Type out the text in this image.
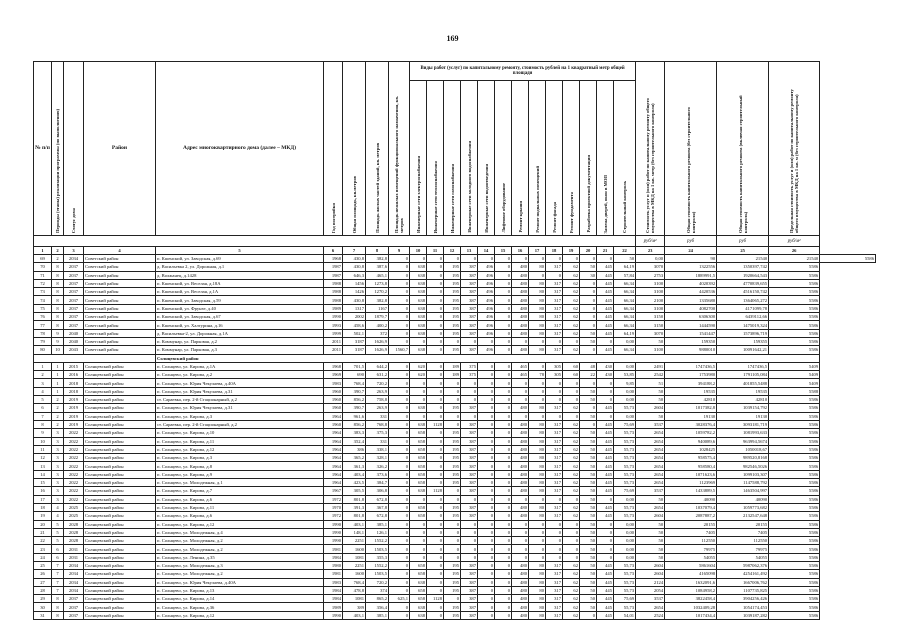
169
№ п/п	Периоды (этапы) реализации программы (по выполнению)	Статус дома	Район	Адрес многоквартирного дома (далее – МКД)	Год постройки	Общая площадь, кв.метров	Площадь жилых частей зданий, кв. метров	Площадь нежилых помещений функционального назначения, кв. метров	Виды работ (услуг) по капитальному ремонту, стоимость рублей на 1 квадратный метр общей площади													Стоимость услуг и (или) работ по капитальному ремонту общего имущества в МКД на 1 кв. метр (без строительного контроля)	Общая стоимость капитального ремонта (без строительного контроля)	Общая стоимость капитального ремонта (включая строительный контроль)	Предельная стоимость услуг и (или) работ по капитальному ремонту общего имущества в МКД на 1 кв. м (без строительного контроля)	

									Инженерные сети электроснабжения	Инженерные сети теплоснабжения	Инженерные сети газоснабжения	Инженерные сети холодного водоснабжения	Инженерные сети водоотведения	Лифтовое оборудование	Ремонт крыши	Ремонт подвальных помещений	Ремонт фасада	Ремонт фундамента	Разработка проектной документации	Замена дверей, окон в МОП	Строительный контроль					

																						руб/м²	руб	руб	руб/м²	
1	2	3	4	5	6	7	8	9	10	11	12	13	14	15	16	17	18	19	20	21	22	23	24	25	26	
69	2	2034	Советский район	п. Кшенский, ул. Заводская, д.69	1968	430,8	382,8	0	0	0	0	0	0	0	0	0	0	0	0	0	50	0,00	90	21540	21540	5586
70	8	2037	Советский район	д. Васильевка 2, ул. Дорожная, д.1	1987	430,8	387,6	0	638	0	195	387	496	0	480	80	317	62	50	445	64,19	3070	1322556	1350397,742	5586	
71	8	2037	Советский район	д. Волжанец, д.1428	1987	646,3	465,1	0	638	0	195	387	496	0	480	0	0	62	30	445	57,84	2753	1889991,5	1920664,543	5586	
72	8	2037	Советский район	п. Кшенский, ул. Веселая, д.18А	1988	1456	1273,8	0	638	0	195	387	496	0	480	80	317	62	0	445	66,34	3100	4020392	4770839,655	5586	
73	8	2037	Советский район	п. Кшенский, ул. Веселая, д.1А	1988	1426	1270,2	0	638	0	195	387	496	0	480	80	317	62	0	445	66,34	3100	4420536	4516150,742	5586	
74	8	2037	Советский район	п. Кшенский, ул. Заводская, д.59	1988	430,8	382,8	0	638	0	195	387	496	0	480	80	317	62	0	445	66,34	2100	1335680	1364065,272	5586	
75	8	2037	Советский район	п. Кшенский, ул. Фрунзе, д.40	1989	1317	1167	0	638	0	195	387	496	0	480	80	317	62	0	445	66,34	3100	4082700	4171099,78	5586	
76	8	2037	Советский район	п. Кшенский, ул. Заводская, д.67	1990	2002	1879,7	0	638	0	195	387	496	0	480	80	317	62	0	445	66,34	3150	6306300	6439112,66	5586	
77	8	2037	Советский район	п. Кшенский, ул. Халтурина, д.16	1993	458,6	400,2	0	638	0	195	387	496	0	480	80	317	62	0	445	66,34	3150	1444590	1475019,324	5586	
78	9	2040	Советский район	д. Васильевка-2, ул. Дорожная, д.1А	1999	502,1	372	0	638	0	195	387	496	0	480	80	317	62	50	445	64,19	3070	1541447	1573896,719	5586	
79	9	2040	Советский район	п. Коммунар, ул. Парковая, д.2	2011	3187	1626,9	0	0	0	0	0	0	0	0	0	0	0	50	0	0,00	50	159350	159355	5586	
80	10	2043	Советский район	п. Коммунар, ул. Парковая, д.3	2011	3187	1626,9	1560,7	638	0	195	387	496	0	480	80	317	62	0	445	66,34	3100	9880010	10091642,21	5586	
				Солнцевский район																						
1	1	2015	Солнцевский район	п. Солнцево, ул. Кирова, д.1А	1968	701,5	644,2	0	620	0	189	375	0	0	465	0	305	60	48	430	0,00	2491	1747436,5	1747436,5	5409	
2	1	2016	Солнцевский район	п. Солнцево, ул. Кирова, д.2	1969	690	631,2	0	620	0	189	375	0	0	465	78	305	60	22	430	53,85	2542	1753980	1791105,084	5409	
3	1	2018	Солнцевский район	п. Солнцево, ул. Юрия Чекулаева, д.40А	1983	768,4	720,2	0	0	0	0	0	0	0	0	0	0	0	0	0	9,85	51	394188,2	401855,5488	5409	
4	1	2018	Солнцевский район	п. Солнцево, ул. Юрия Чекулаева, д.31	1960	390,7	263,9	0	0	0	0	0	0	0	0	0	0	0	50	0	0,00	50	19535	19535	5588	
5	2	2019	Солнцевский район	ст. Сараевка, пер. 2-й Стационарный, д.2	1960	856,2	758,8	0	0	0	0	0	0	0	0	0	0	0	50	0	0,00	50	42810	42810	5586	
6	2	2019	Солнцевский район	п. Солнцево, ул. Юрия Чекулаева, д.31	1960	390,7	263,9	0	638	0	195	387	0	0	480	80	317	62	0	445	55,73	2604	1017382,8	1039154,792	5586	
7	2	2019	Солнцевский район	п. Солнцево, ул. Кирова, д.3	1964	961,6	331	0	0	0	0	0	0	0	0	0	0	0	50	0	0,00	50	19130	19130	5586	
8	2	2019	Солнцевский район	ст. Сараевка, пер. 2-й Стационарный, д.2	1960	856,2	768,8	0	638	1128	0	387	0	0	480	80	317	62	0	445	75,69	3537	3028376,4	3093181,719	5586	
9	3	2022	Солнцевский район	п. Солнцево, ул. Кирова, д.10	1964	383,3	375,3	0	658	0	195	387	0	0	480	80	317	62	50	445	55,73	2654	1059782,2	1081993,633	5586	
10	3	2022	Солнцевский район	п. Солнцево, ул. Кирова, д.11	1964	352,4	331	0	658	0	195	387	0	0	480	80	317	62	50	445	55,73	2654	940089,6	963994,5674	5586	
11	3	2022	Солнцевский район	п. Солнцево, ул. Кирова, д.12	1964	386	338,1	0	658	0	195	387	0	0	480	80	317	62	50	445	55,73	2654	1028425	1050018,67	5586	
12	3	2022	Солнцевский район	п. Солнцево, ул. Кирова, д.3	1964	365,2	328,1	0	658	0	195	387	0	0	480	80	317	62	50	445	55,73	2654	958575,4	989520,8168	5586	
13	3	2022	Солнцевский район	п. Солнцево, ул. Кирова, д.8	1964	361,3	326,2	0	658	0	195	387	0	0	480	80	317	62	50	445	55,73	2654	958580,4	982546,5026	5586	
14	3	2022	Солнцевский район	п. Солнцево, ул. Кирова, д.9	1964	403,4	373,6	0	658	0	195	387	0	0	480	80	317	62	50	445	55,73	2654	1071623,6	1099103,307	5586	
15	3	2022	Солнцевский район	п. Солнцево, ул. Молодежная, д.1	1964	423,5	384,7	0	658	0	195	387	0	0	480	80	317	62	50	445	55,73	2654	1123969	1147588,792	5586	
16	3	2022	Солнцевский район	п. Солнцево, ул. Кирова, д.7	1967	305,5	306,8	0	638	1128	0	387	0	0	480	80	317	62	50	445	75,69	3537	1433889,5	1463504,997	5586	
17	3	2022	Солнцевский район	п. Солнцево, ул. Кирова, д.6	1972	801,8	672,8	0	0	0	0	0	0	0	0	0	0	0	50	0	0,00	50	40090	40090	5586	
18	4	2025	Солнцевский район	п. Солнцево, ул. Кирова, д.11	1970	391,3	367,8	0	658	0	195	387	0	0	480	80	317	62	50	445	55,73	2654	1037079,4	1059773,682	5586	
19	4	2025	Солнцевский район	п. Солнцево, ул. Кирова, д.6	1972	801,8	672,8	0	658	0	195	387	0	0	480	80	317	62	50	445	55,73	2604	2087887,2	2132547,648	5586	
20	5	2028	Солнцевский район	п. Солнцево, ул. Кирова, д.12	1990	403,1	385,1	0	0	0	0	0	0	0	0	0	0	0	50	0	0,00	50	20155	20155	5586	
21	5	2028	Солнцевский район	п. Солнцево, ул. Молодежная, д.4	1990	148,1	126,1	0	0	0	0	0	0	0	0	0	0	0	50	0	0,00	50	7405	7405	5586	
22	5	2028	Солнцевский район	п. Солнцево, ул. Молодежная, д.2	1990	2251	1552,2	0	0	0	0	0	0	0	0	0	0	0	50	0	0,00	50	112550	112550	5586	
23	6	2031	Солнцевский район	п. Солнцево, ул. Молодежная, д.2	1981	1600	1503,5	0	0	0	0	0	0	0	0	0	0	0	50	0	0,00	50	79975	79975	5586	
24	6	2031	Солнцевский район	п. Солнцево, ул. Ленина, д.35	1984	1081	355,3	0	0	0	0	0	0	0	0	0	0	0	50	0	0,00	50	54055	54055	5586	
25	7	2034	Солнцевский район	п. Солнцево, ул. Молодежная, д.3	1980	2251	1552,2	0	658	0	195	387	0	0	480	80	317	62	50	445	55,73	2604	5861604	5987062,376	5586	
26	7	2034	Солнцевский район	п. Солнцево, ул. Молодежная, д.2	1981	1600	1503,5	0	658	0	195	387	0	0	480	80	317	62	50	445	55,73	2604	4165098	4254161,492	5586	
27	7	2034	Солнцевский район	п. Солнцево, ул. Юрия Чекулаева, д.40А	1983	768,4	720,2	0	638	0	195	387	0	0	480	80	317	62	50	445	55,73	2124	1632091,6	1667006,762	5586	
28	7	2034	Солнцевский район	п. Солнцево, ул. Кирова, д.13	1984	478,8	374	0	658	0	195	387	0	0	480	80	317	62	50	445	55,73	2054	1084958,2	1107735,825	5586	
29	8	2037	Солнцевский район	п. Солнцево, ул. Кирова, д.14	1984	1081	865,2	625,1	658	1128	0	387	0	0	480	80	317	62	50	445	75,69	3537	3822458,4	3904256,426	5586	
30	8	2037	Солнцевский район	п. Солнцево, ул. Кирова, д.36	1989	389	356,4	0	638	0	195	387	0	0	480	80	317	62	50	445	55,73	2654	1032409,28	1054174,453	5586	
31	8	2037	Солнцевский район	п. Солнцево, ул. Кирова, д.12	1990	403,1	385,1	0	638	0	195	387	0	0	480	80	317	62	0	445	54,01	2524	1017434,4	1039187,282	5586	
